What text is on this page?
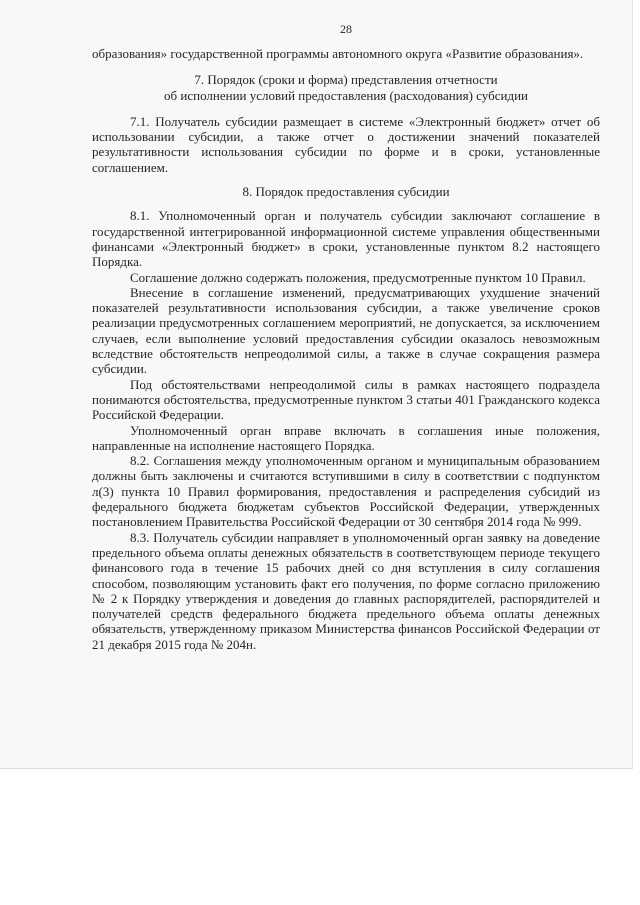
28

образования» государственной программы автономного округа «Развитие образования».

7. Порядок (сроки и форма) представления отчетности
об исполнении условий предоставления (расходования) субсидии

7.1. Получатель субсидии размещает в системе «Электронный бюджет» отчет об использовании субсидии, а также отчет о достижении значений показателей результативности использования субсидии по форме и в сроки, установленные соглашением.

8. Порядок предоставления субсидии

8.1. Уполномоченный орган и получатель субсидии заключают соглашение в государственной интегрированной информационной системе управления общественными финансами «Электронный бюджет» в сроки, установленные пунктом 8.2 настоящего Порядка.

Соглашение должно содержать положения, предусмотренные пунктом 10 Правил.

Внесение в соглашение изменений, предусматривающих ухудшение значений показателей результативности использования субсидии, а также увеличение сроков реализации предусмотренных соглашением мероприятий, не допускается, за исключением случаев, если выполнение условий предоставления субсидии оказалось невозможным вследствие обстоятельств непреодолимой силы, а также в случае сокращения размера субсидии.

Под обстоятельствами непреодолимой силы в рамках настоящего подраздела понимаются обстоятельства, предусмотренные пунктом 3 статьи 401 Гражданского кодекса Российской Федерации.

Уполномоченный орган вправе включать в соглашения иные положения, направленные на исполнение настоящего Порядка.

8.2. Соглашения между уполномоченным органом и муниципальным образованием должны быть заключены и считаются вступившими в силу в соответствии с подпунктом л(3) пункта 10 Правил формирования, предоставления и распределения субсидий из федерального бюджета бюджетам субъектов Российской Федерации, утвержденных постановлением Правительства Российской Федерации от 30 сентября 2014 года № 999.

8.3. Получатель субсидии направляет в уполномоченный орган заявку на доведение предельного объема оплаты денежных обязательств в соответствующем периоде текущего финансового года в течение 15 рабочих дней со дня вступления в силу соглашения способом, позволяющим установить факт его получения, по форме согласно приложению № 2 к Порядку утверждения и доведения до главных распорядителей, распорядителей и получателей средств федерального бюджета предельного объема оплаты денежных обязательств, утвержденному приказом Министерства финансов Российской Федерации от 21 декабря 2015 года № 204н.
